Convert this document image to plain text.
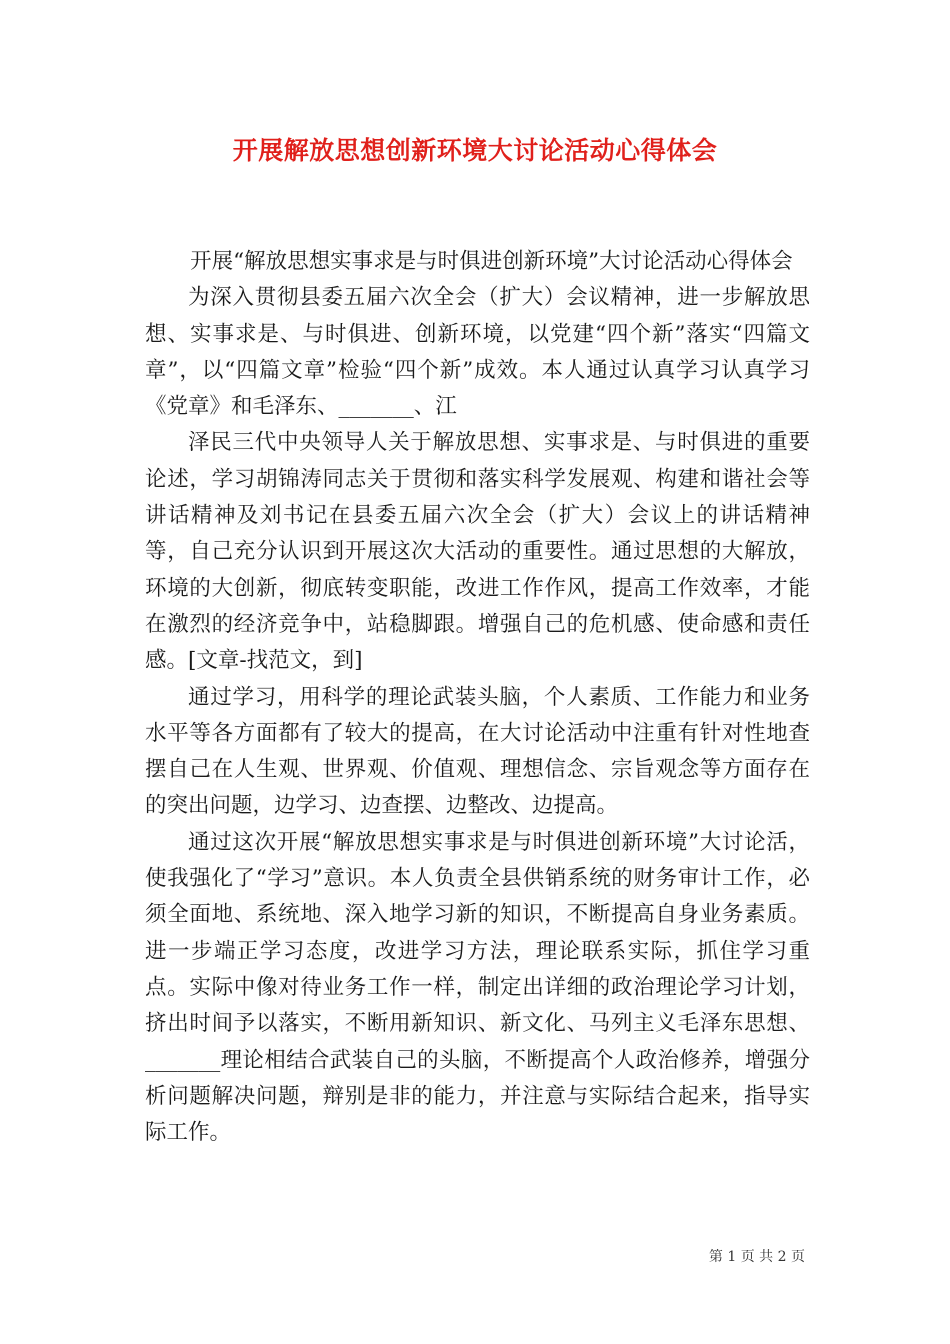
开展解放思想创新环境大讨论活动心得体会

开展“解放思想实事求是与时俱进创新环境”大讨论活动心得体会

为深入贯彻县委五届六次全会（扩大）会议精神，进一步解放思想、实事求是、与时俱进、创新环境，以党建“四个新”落实“四篇文章”，以“四篇文章”检验“四个新”成效。本人通过认真学习认真学习《党章》和毛泽东、_______、江

泽民三代中央领导人关于解放思想、实事求是、与时俱进的重要论述，学习胡锦涛同志关于贯彻和落实科学发展观、构建和谐社会等讲话精神及刘书记在县委五届六次全会（扩大）会议上的讲话精神等，自己充分认识到开展这次大活动的重要性。通过思想的大解放，环境的大创新，彻底转变职能，改进工作作风，提高工作效率，才能在激烈的经济竞争中，站稳脚跟。增强自己的危机感、使命感和责任感。[文章-找范文，到]

通过学习，用科学的理论武装头脑，个人素质、工作能力和业务水平等各方面都有了较大的提高，在大讨论活动中注重有针对性地查摆自己在人生观、世界观、价值观、理想信念、宗旨观念等方面存在的突出问题，边学习、边查摆、边整改、边提高。

通过这次开展“解放思想实事求是与时俱进创新环境”大讨论活，使我强化了“学习”意识。本人负责全县供销系统的财务审计工作，必须全面地、系统地、深入地学习新的知识，不断提高自身业务素质。进一步端正学习态度，改进学习方法，理论联系实际，抓住学习重点。实际中像对待业务工作一样，制定出详细的政治理论学习计划，挤出时间予以落实，不断用新知识、新文化、马列主义毛泽东思想、_______理论相结合武装自己的头脑，不断提高个人政治修养，增强分析问题解决问题，辩别是非的能力，并注意与实际结合起来，指导实际工作。

第 1 页 共 2 页
